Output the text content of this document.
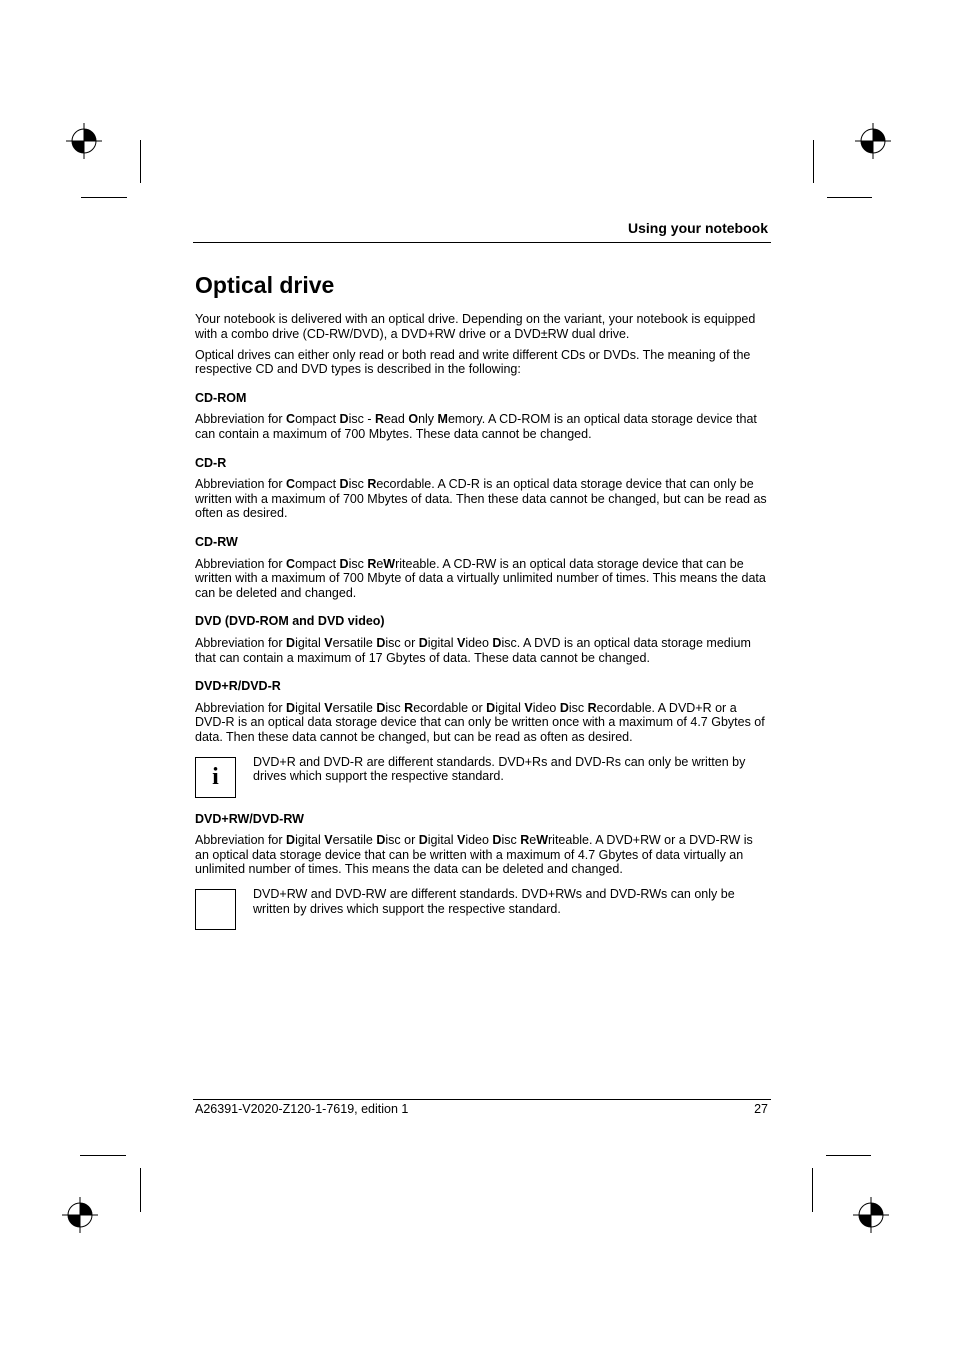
Using your notebook
Optical drive

Your notebook is delivered with an optical drive. Depending on the variant, your notebook is equipped with a combo drive (CD-RW/DVD), a DVD+RW drive or a DVD±RW dual drive.

Optical drives can either only read or both read and write different CDs or DVDs. The meaning of the respective CD and DVD types is described in the following:

CD-ROM

Abbreviation for Compact Disc - Read Only Memory. A CD-ROM is an optical data storage device that can contain a maximum of 700 Mbytes. These data cannot be changed.

CD-R

Abbreviation for Compact Disc Recordable. A CD-R is an optical data storage device that can only be written with a maximum of 700 Mbytes of data. Then these data cannot be changed, but can be read as often as desired.

CD-RW

Abbreviation for Compact Disc ReWriteable. A CD-RW is an optical data storage device that can be written with a maximum of 700 Mbyte of data a virtually unlimited number of times. This means the data can be deleted and changed.

DVD (DVD-ROM and DVD video)

Abbreviation for Digital Versatile Disc or Digital Video Disc. A DVD is an optical data storage medium that can contain a maximum of 17 Gbytes of data. These data cannot be changed.

DVD+R/DVD-R

Abbreviation for Digital Versatile Disc Recordable or Digital Video Disc Recordable. A DVD+R or a DVD-R is an optical data storage device that can only be written once with a maximum of 4.7 Gbytes of data. Then these data cannot be changed, but can be read as often as desired.

i
DVD+R and DVD-R are different standards. DVD+Rs and DVD-Rs can only be written by drives which support the respective standard.
DVD+RW/DVD-RW

Abbreviation for Digital Versatile Disc or Digital Video Disc ReWriteable. A DVD+RW or a DVD-RW is an optical data storage device that can be written with a maximum of 4.7 Gbytes of data virtually an unlimited number of times. This means the data can be deleted and changed.

DVD+RW and DVD-RW are different standards. DVD+RWs and DVD-RWs can only be written by drives which support the respective standard.
A26391-V2020-Z120-1-7619, edition 1	27
